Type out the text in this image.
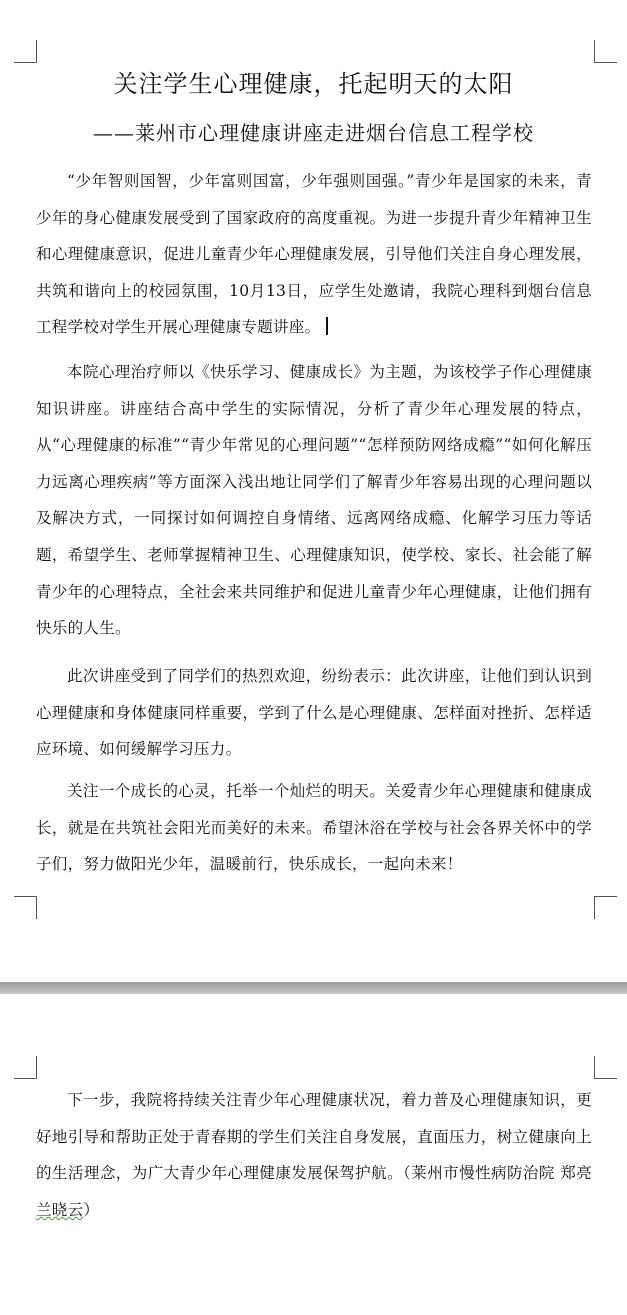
关注学生心理健康，托起明天的太阳
——莱州市心理健康讲座走进烟台信息工程学校

“少年智则国智，少年富则国富，少年强则国强。”青少年是国家的未来，青少年的身心健康发展受到了国家政府的高度重视。为进一步提升青少年精神卫生和心理健康意识，促进儿童青少年心理健康发展，引导他们关注自身心理发展，共筑和谐向上的校园氛围，10月13日，应学生处邀请，我院心理科到烟台信息工程学校对学生开展心理健康专题讲座。

本院心理治疗师以《快乐学习、健康成长》为主题，为该校学子作心理健康知识讲座。讲座结合高中学生的实际情况，分析了青少年心理发展的特点，从“心理健康的标准”“青少年常见的心理问题”“怎样预防网络成瘾”“如何化解压力远离心理疾病”等方面深入浅出地让同学们了解青少年容易出现的心理问题以及解决方式，一同探讨如何调控自身情绪、远离网络成瘾、化解学习压力等话题，希望学生、老师掌握精神卫生、心理健康知识，使学校、家长、社会能了解青少年的心理特点，全社会来共同维护和促进儿童青少年心理健康，让他们拥有快乐的人生。

此次讲座受到了同学们的热烈欢迎，纷纷表示：此次讲座，让他们到认识到心理健康和身体健康同样重要，学到了什么是心理健康、怎样面对挫折、怎样适应环境、如何缓解学习压力。

关注一个成长的心灵，托举一个灿烂的明天。关爱青少年心理健康和健康成长，就是在共筑社会阳光而美好的未来。希望沐浴在学校与社会各界关怀中的学子们，努力做阳光少年，温暖前行，快乐成长，一起向未来！

下一步，我院将持续关注青少年心理健康状况，着力普及心理健康知识，更好地引导和帮助正处于青春期的学生们关注自身发展，直面压力，树立健康向上的生活理念，为广大青少年心理健康发展保驾护航。（莱州市慢性病防治院 郑亮 兰晓云）
